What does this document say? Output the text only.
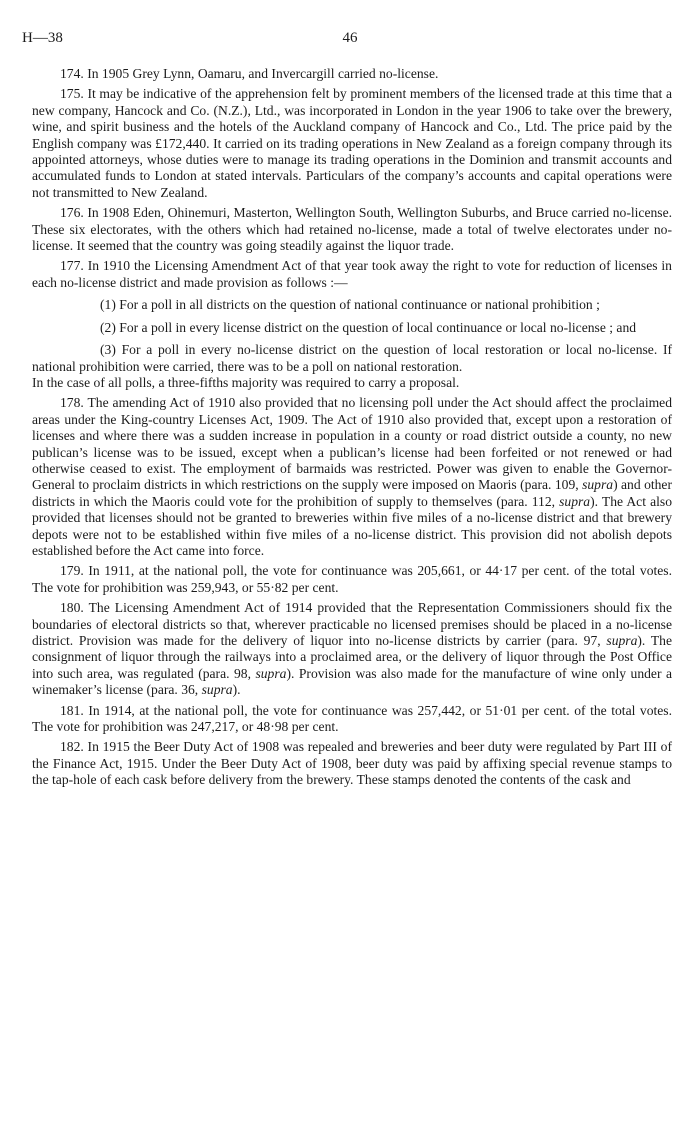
46
H—38

174. In 1905 Grey Lynn, Oamaru, and Invercargill carried no-license.

175. It may be indicative of the apprehension felt by prominent members of the licensed trade at this time that a new company, Hancock and Co. (N.Z.), Ltd., was incorporated in London in the year 1906 to take over the brewery, wine, and spirit business and the hotels of the Auckland company of Hancock and Co., Ltd. The price paid by the English company was £172,440. It carried on its trading operations in New Zealand as a foreign company through its appointed attorneys, whose duties were to manage its trading operations in the Dominion and transmit accounts and accumulated funds to London at stated intervals. Particulars of the company’s accounts and capital operations were not transmitted to New Zealand.

176. In 1908 Eden, Ohinemuri, Masterton, Wellington South, Wellington Suburbs, and Bruce carried no-license. These six electorates, with the others which had retained no-license, made a total of twelve electorates under no-license. It seemed that the country was going steadily against the liquor trade.

177. In 1910 the Licensing Amendment Act of that year took away the right to vote for reduction of licenses in each no-license district and made provision as follows :—

(1) For a poll in all districts on the question of national continuance or national prohibition ;

(2) For a poll in every license district on the question of local continuance or local no-license ; and

(3) For a poll in every no-license district on the question of local restoration or local no-license. If national prohibition were carried, there was to be a poll on national restoration.

In the case of all polls, a three-fifths majority was required to carry a proposal.

178. The amending Act of 1910 also provided that no licensing poll under the Act should affect the proclaimed areas under the King-country Licenses Act, 1909. The Act of 1910 also provided that, except upon a restoration of licenses and where there was a sudden increase in population in a county or road district outside a county, no new publican’s license was to be issued, except when a publican’s license had been forfeited or not renewed or had otherwise ceased to exist. The employment of barmaids was restricted. Power was given to enable the Governor-General to proclaim districts in which restrictions on the supply were imposed on Maoris (para. 109, supra) and other districts in which the Maoris could vote for the prohibition of supply to themselves (para. 112, supra). The Act also provided that licenses should not be granted to breweries within five miles of a no-license district and that brewery depots were not to be established within five miles of a no-license district. This provision did not abolish depots established before the Act came into force.

179. In 1911, at the national poll, the vote for continuance was 205,661, or 44·17 per cent. of the total votes. The vote for prohibition was 259,943, or 55·82 per cent.

180. The Licensing Amendment Act of 1914 provided that the Representation Commissioners should fix the boundaries of electoral districts so that, wherever practicable no licensed premises should be placed in a no-license district. Provision was made for the delivery of liquor into no-license districts by carrier (para. 97, supra). The consignment of liquor through the railways into a proclaimed area, or the delivery of liquor through the Post Office into such area, was regulated (para. 98, supra). Provision was also made for the manufacture of wine only under a winemaker’s license (para. 36, supra).

181. In 1914, at the national poll, the vote for continuance was 257,442, or 51·01 per cent. of the total votes. The vote for prohibition was 247,217, or 48·98 per cent.

182. In 1915 the Beer Duty Act of 1908 was repealed and breweries and beer duty were regulated by Part III of the Finance Act, 1915. Under the Beer Duty Act of 1908, beer duty was paid by affixing special revenue stamps to the tap-hole of each cask before delivery from the brewery. These stamps denoted the contents of the cask and
